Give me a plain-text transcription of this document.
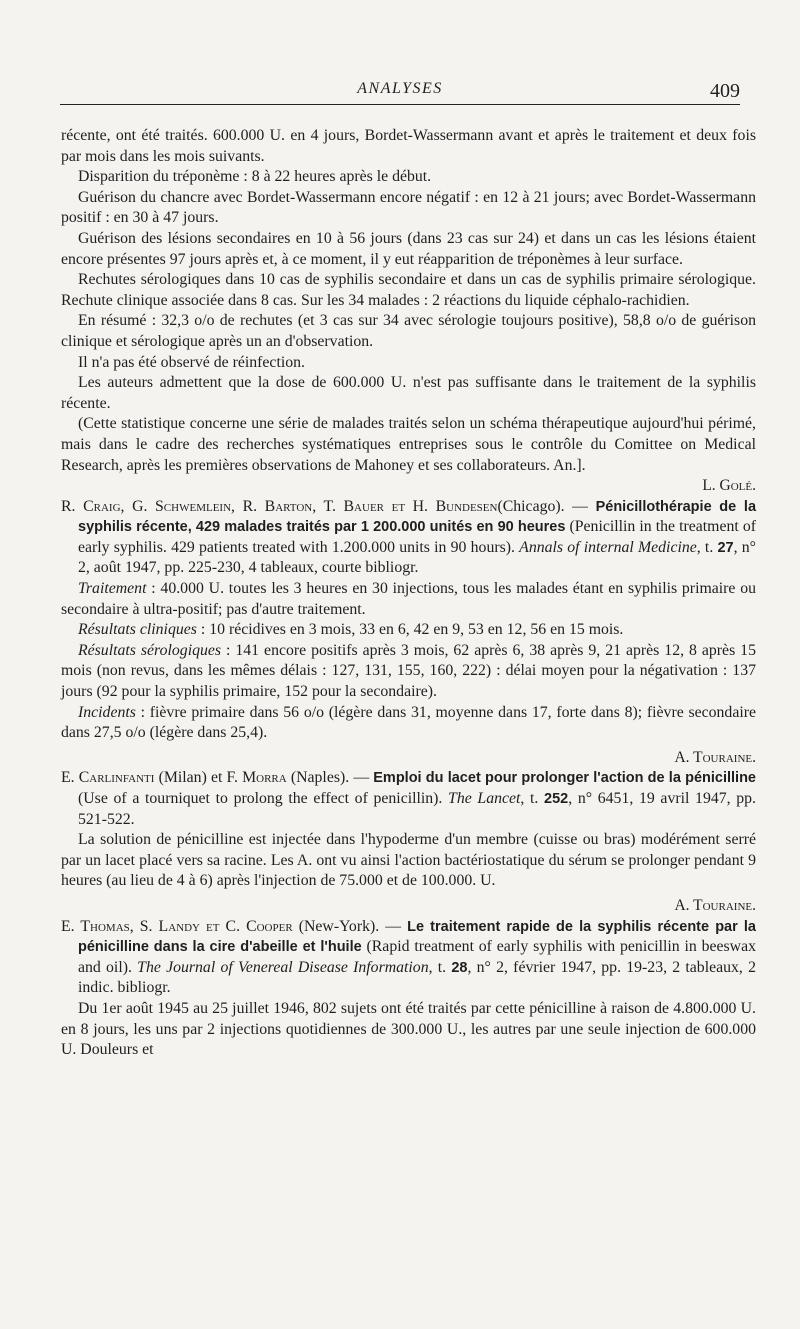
ANALYSES	409

récente, ont été traités. 600.000 U. en 4 jours, Bordet-Wassermann avant et après le traitement et deux fois par mois dans les mois suivants.

Disparition du tréponème : 8 à 22 heures après le début.

Guérison du chancre avec Bordet-Wassermann encore négatif : en 12 à 21 jours; avec Bordet-Wassermann positif : en 30 à 47 jours.

Guérison des lésions secondaires en 10 à 56 jours (dans 23 cas sur 24) et dans un cas les lésions étaient encore présentes 97 jours après et, à ce moment, il y eut réapparition de tréponèmes à leur surface.

Rechutes sérologiques dans 10 cas de syphilis secondaire et dans un cas de syphilis primaire sérologique. Rechute clinique associée dans 8 cas. Sur les 34 malades : 2 réactions du liquide céphalo-rachidien.

En résumé : 32,3 o/o de rechutes (et 3 cas sur 34 avec sérologie toujours positive), 58,8 o/o de guérison clinique et sérologique après un an d'observation.

Il n'a pas été observé de réinfection.

Les auteurs admettent que la dose de 600.000 U. n'est pas suffisante dans le traitement de la syphilis récente.

(Cette statistique concerne une série de malades traités selon un schéma thérapeutique aujourd'hui périmé, mais dans le cadre des recherches systématiques entreprises sous le contrôle du Comittee on Medical Research, après les premières observations de Mahoney et ses collaborateurs. An.].

L. Golé.

R. Craig, G. Schwemlein, R. Barton, T. Bauer et H. Bundesen(Chicago). — Pénicillothérapie de la syphilis récente, 429 malades traités par 1 200.000 unités en 90 heures (Penicillin in the treatment of early syphilis. 429 patients treated with 1.200.000 units in 90 hours). Annals of internal Medicine, t. 27, n° 2, août 1947, pp. 225-230, 4 tableaux, courte bibliogr.

Traitement : 40.000 U. toutes les 3 heures en 30 injections, tous les malades étant en syphilis primaire ou secondaire à ultra-positif; pas d'autre traitement.

Résultats cliniques : 10 récidives en 3 mois, 33 en 6, 42 en 9, 53 en 12, 56 en 15 mois.

Résultats sérologiques : 141 encore positifs après 3 mois, 62 après 6, 38 après 9, 21 après 12, 8 après 15 mois (non revus, dans les mêmes délais : 127, 131, 155, 160, 222) : délai moyen pour la négativation : 137 jours (92 pour la syphilis primaire, 152 pour la secondaire).

Incidents : fièvre primaire dans 56 o/o (légère dans 31, moyenne dans 17, forte dans 8); fièvre secondaire dans 27,5 o/o (légère dans 25,4).

A. Touraine.

E. Carlinfanti (Milan) et F. Morra (Naples). — Emploi du lacet pour prolonger l'action de la pénicilline (Use of a tourniquet to prolong the effect of penicillin). The Lancet, t. 252, n° 6451, 19 avril 1947, pp. 521-522.

La solution de pénicilline est injectée dans l'hypoderme d'un membre (cuisse ou bras) modérément serré par un lacet placé vers sa racine. Les A. ont vu ainsi l'action bactériostatique du sérum se prolonger pendant 9 heures (au lieu de 4 à 6) après l'injection de 75.000 et de 100.000. U.

A. Touraine.

E. Thomas, S. Landy et C. Cooper (New-York). — Le traitement rapide de la syphilis récente par la pénicilline dans la cire d'abeille et l'huile (Rapid treatment of early syphilis with penicillin in beeswax and oil). The Journal of Venereal Disease Information, t. 28, n° 2, février 1947, pp. 19-23, 2 tableaux, 2 indic. bibliogr.

Du 1er août 1945 au 25 juillet 1946, 802 sujets ont été traités par cette pénicilline à raison de 4.800.000 U. en 8 jours, les uns par 2 injections quotidiennes de 300.000 U., les autres par une seule injection de 600.000 U. Douleurs et
